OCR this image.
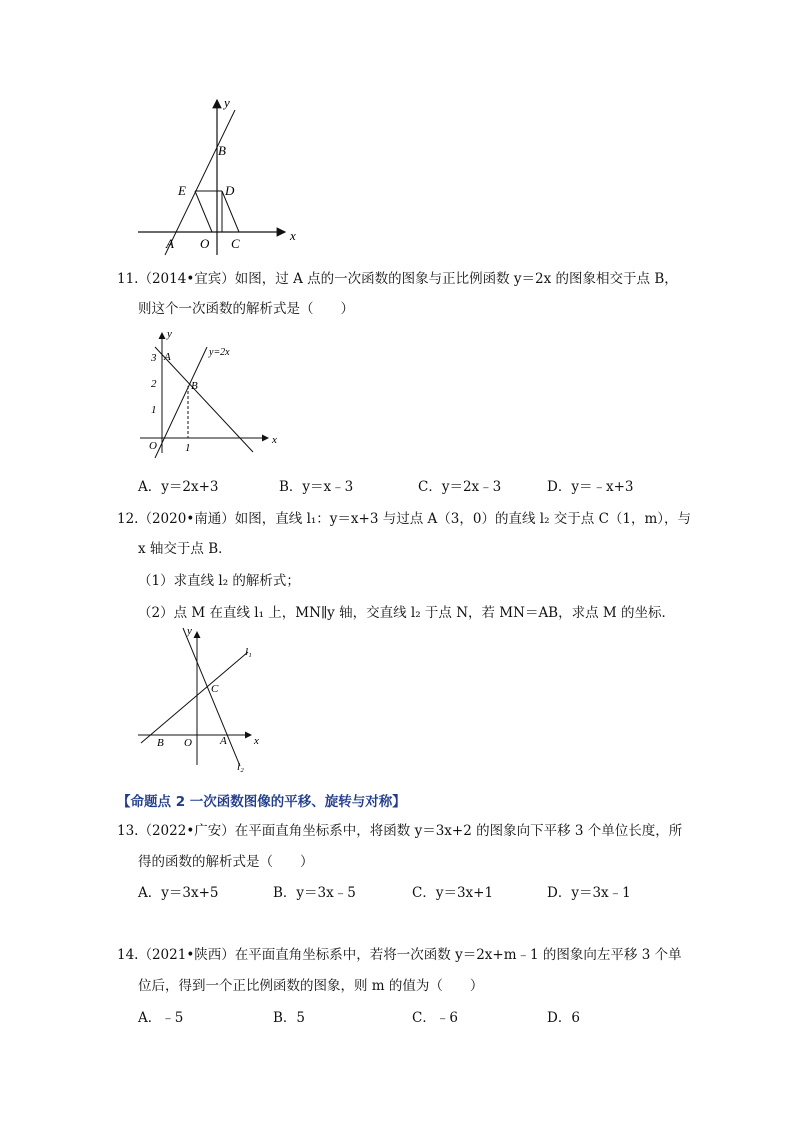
y
x
B
E	D
A O C
11.（2014•宜宾）如图，过 A 点的一次函数的图象与正比例函数 y＝2x 的图象相交于点 B，
则这个一次函数的解析式是（　　）
y
x
A
B
O
y=2x
3
2
1
1
A．y＝2x+3	B．y＝x﹣3	C．y＝2x﹣3	D．y＝﹣x+3
12.（2020•南通）如图，直线 l₁：y＝x+3 与过点 A（3，0）的直线 l₂ 交于点 C（1，m），与
x 轴交于点 B．
（1）求直线 l₂ 的解析式；
（2）点 M 在直线 l₁ 上，MN∥y 轴，交直线 l₂ 于点 N，若 MN＝AB，求点 M 的坐标．
y
x
l₁
l₂
C
B O	A
【命题点 2 一次函数图像的平移、旋转与对称】
13.（2022•广安）在平面直角坐标系中，将函数 y＝3x+2 的图象向下平移 3 个单位长度，所
得的函数的解析式是（　　）
A．y＝3x+5	B．y＝3x﹣5	C．y＝3x+1	D．y＝3x﹣1
14.（2021•陕西）在平面直角坐标系中，若将一次函数 y＝2x+m﹣1 的图象向左平移 3 个单
位后，得到一个正比例函数的图象，则 m 的值为（　　）
A．﹣5	B．5	C．﹣6	D．6
